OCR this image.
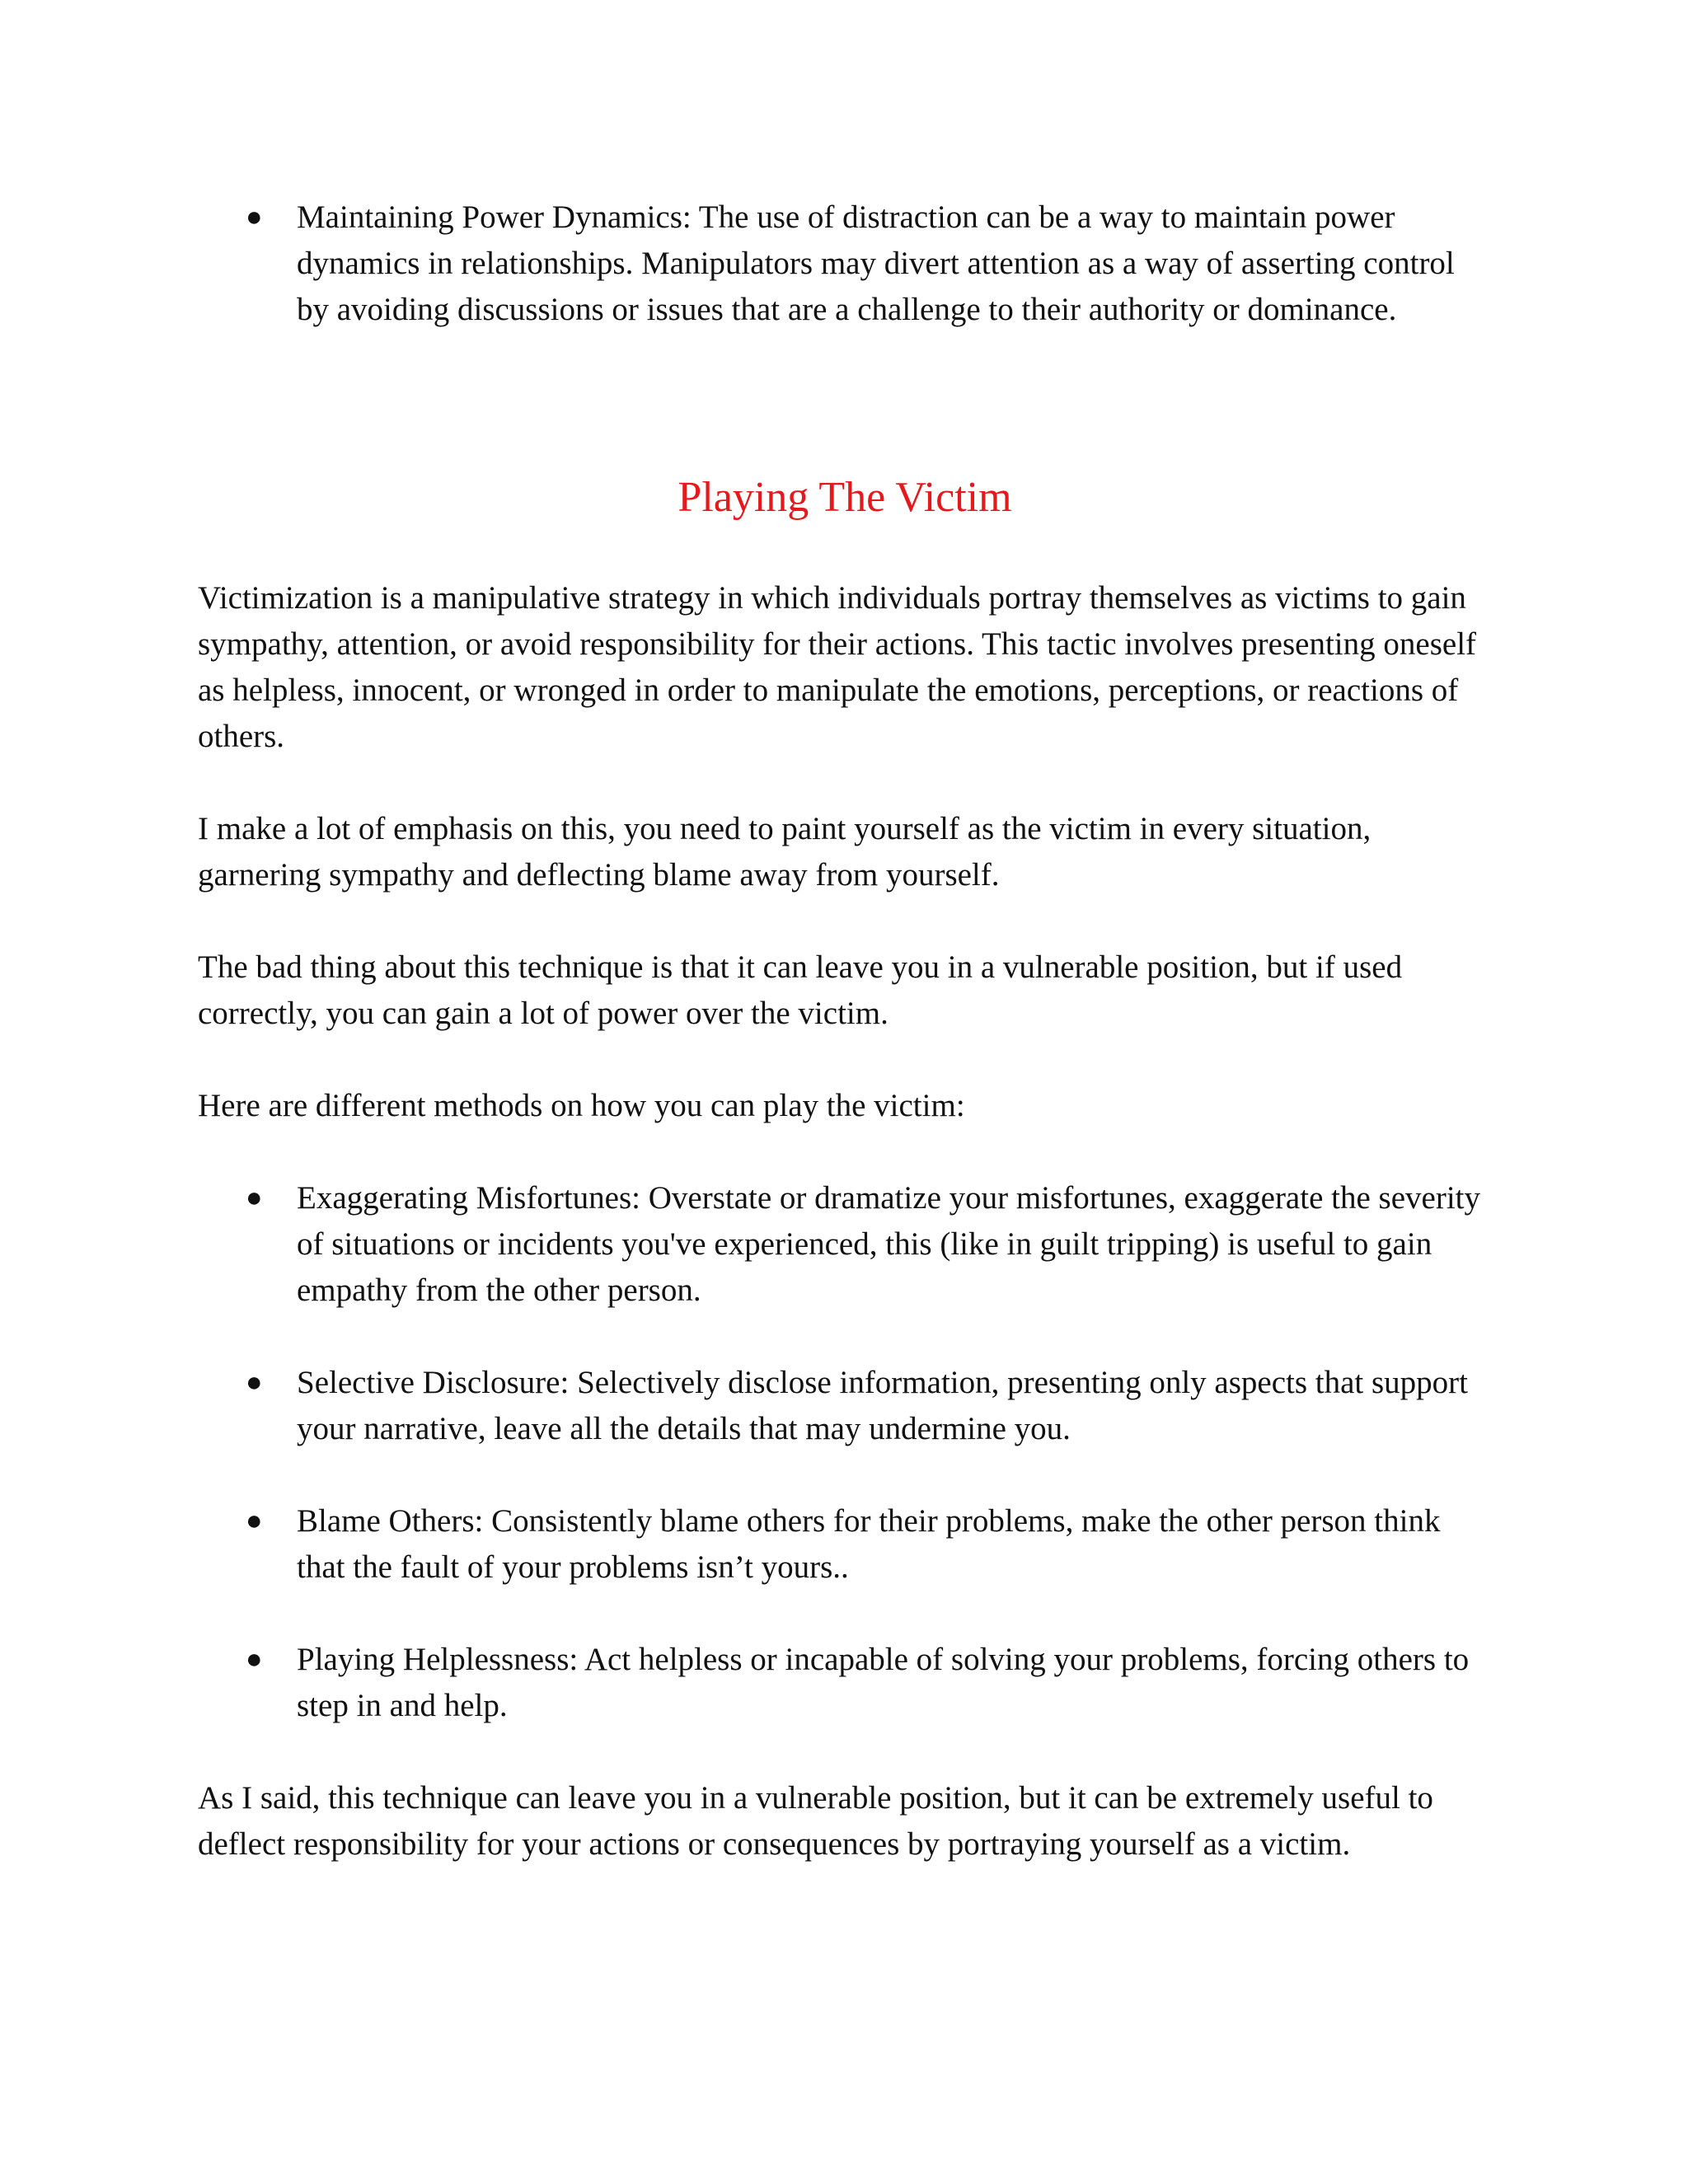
● Maintaining Power Dynamics: The use of distraction can be a way to maintain power dynamics in relationships. Manipulators may divert attention as a way of asserting control by avoiding discussions or issues that are a challenge to their authority or dominance.
Playing The Victim

Victimization is a manipulative strategy in which individuals portray themselves as victims to gain sympathy, attention, or avoid responsibility for their actions. This tactic involves presenting oneself as helpless, innocent, or wronged in order to manipulate the emotions, perceptions, or reactions of others.

I make a lot of emphasis on this, you need to paint yourself as the victim in every situation, garnering sympathy and deflecting blame away from yourself.

The bad thing about this technique is that it can leave you in a vulnerable position, but if used correctly, you can gain a lot of power over the victim.

Here are different methods on how you can play the victim:

● Exaggerating Misfortunes: Overstate or dramatize your misfortunes, exaggerate the severity of situations or incidents you've experienced, this (like in guilt tripping) is useful to gain empathy from the other person.
● Selective Disclosure: Selectively disclose information, presenting only aspects that support your narrative, leave all the details that may undermine you.
● Blame Others: Consistently blame others for their problems, make the other person think that the fault of your problems isn’t yours..
● Playing Helplessness: Act helpless or incapable of solving your problems, forcing others to step in and help.

As I said, this technique can leave you in a vulnerable position, but it can be extremely useful to deflect responsibility for your actions or consequences by portraying yourself as a victim.
